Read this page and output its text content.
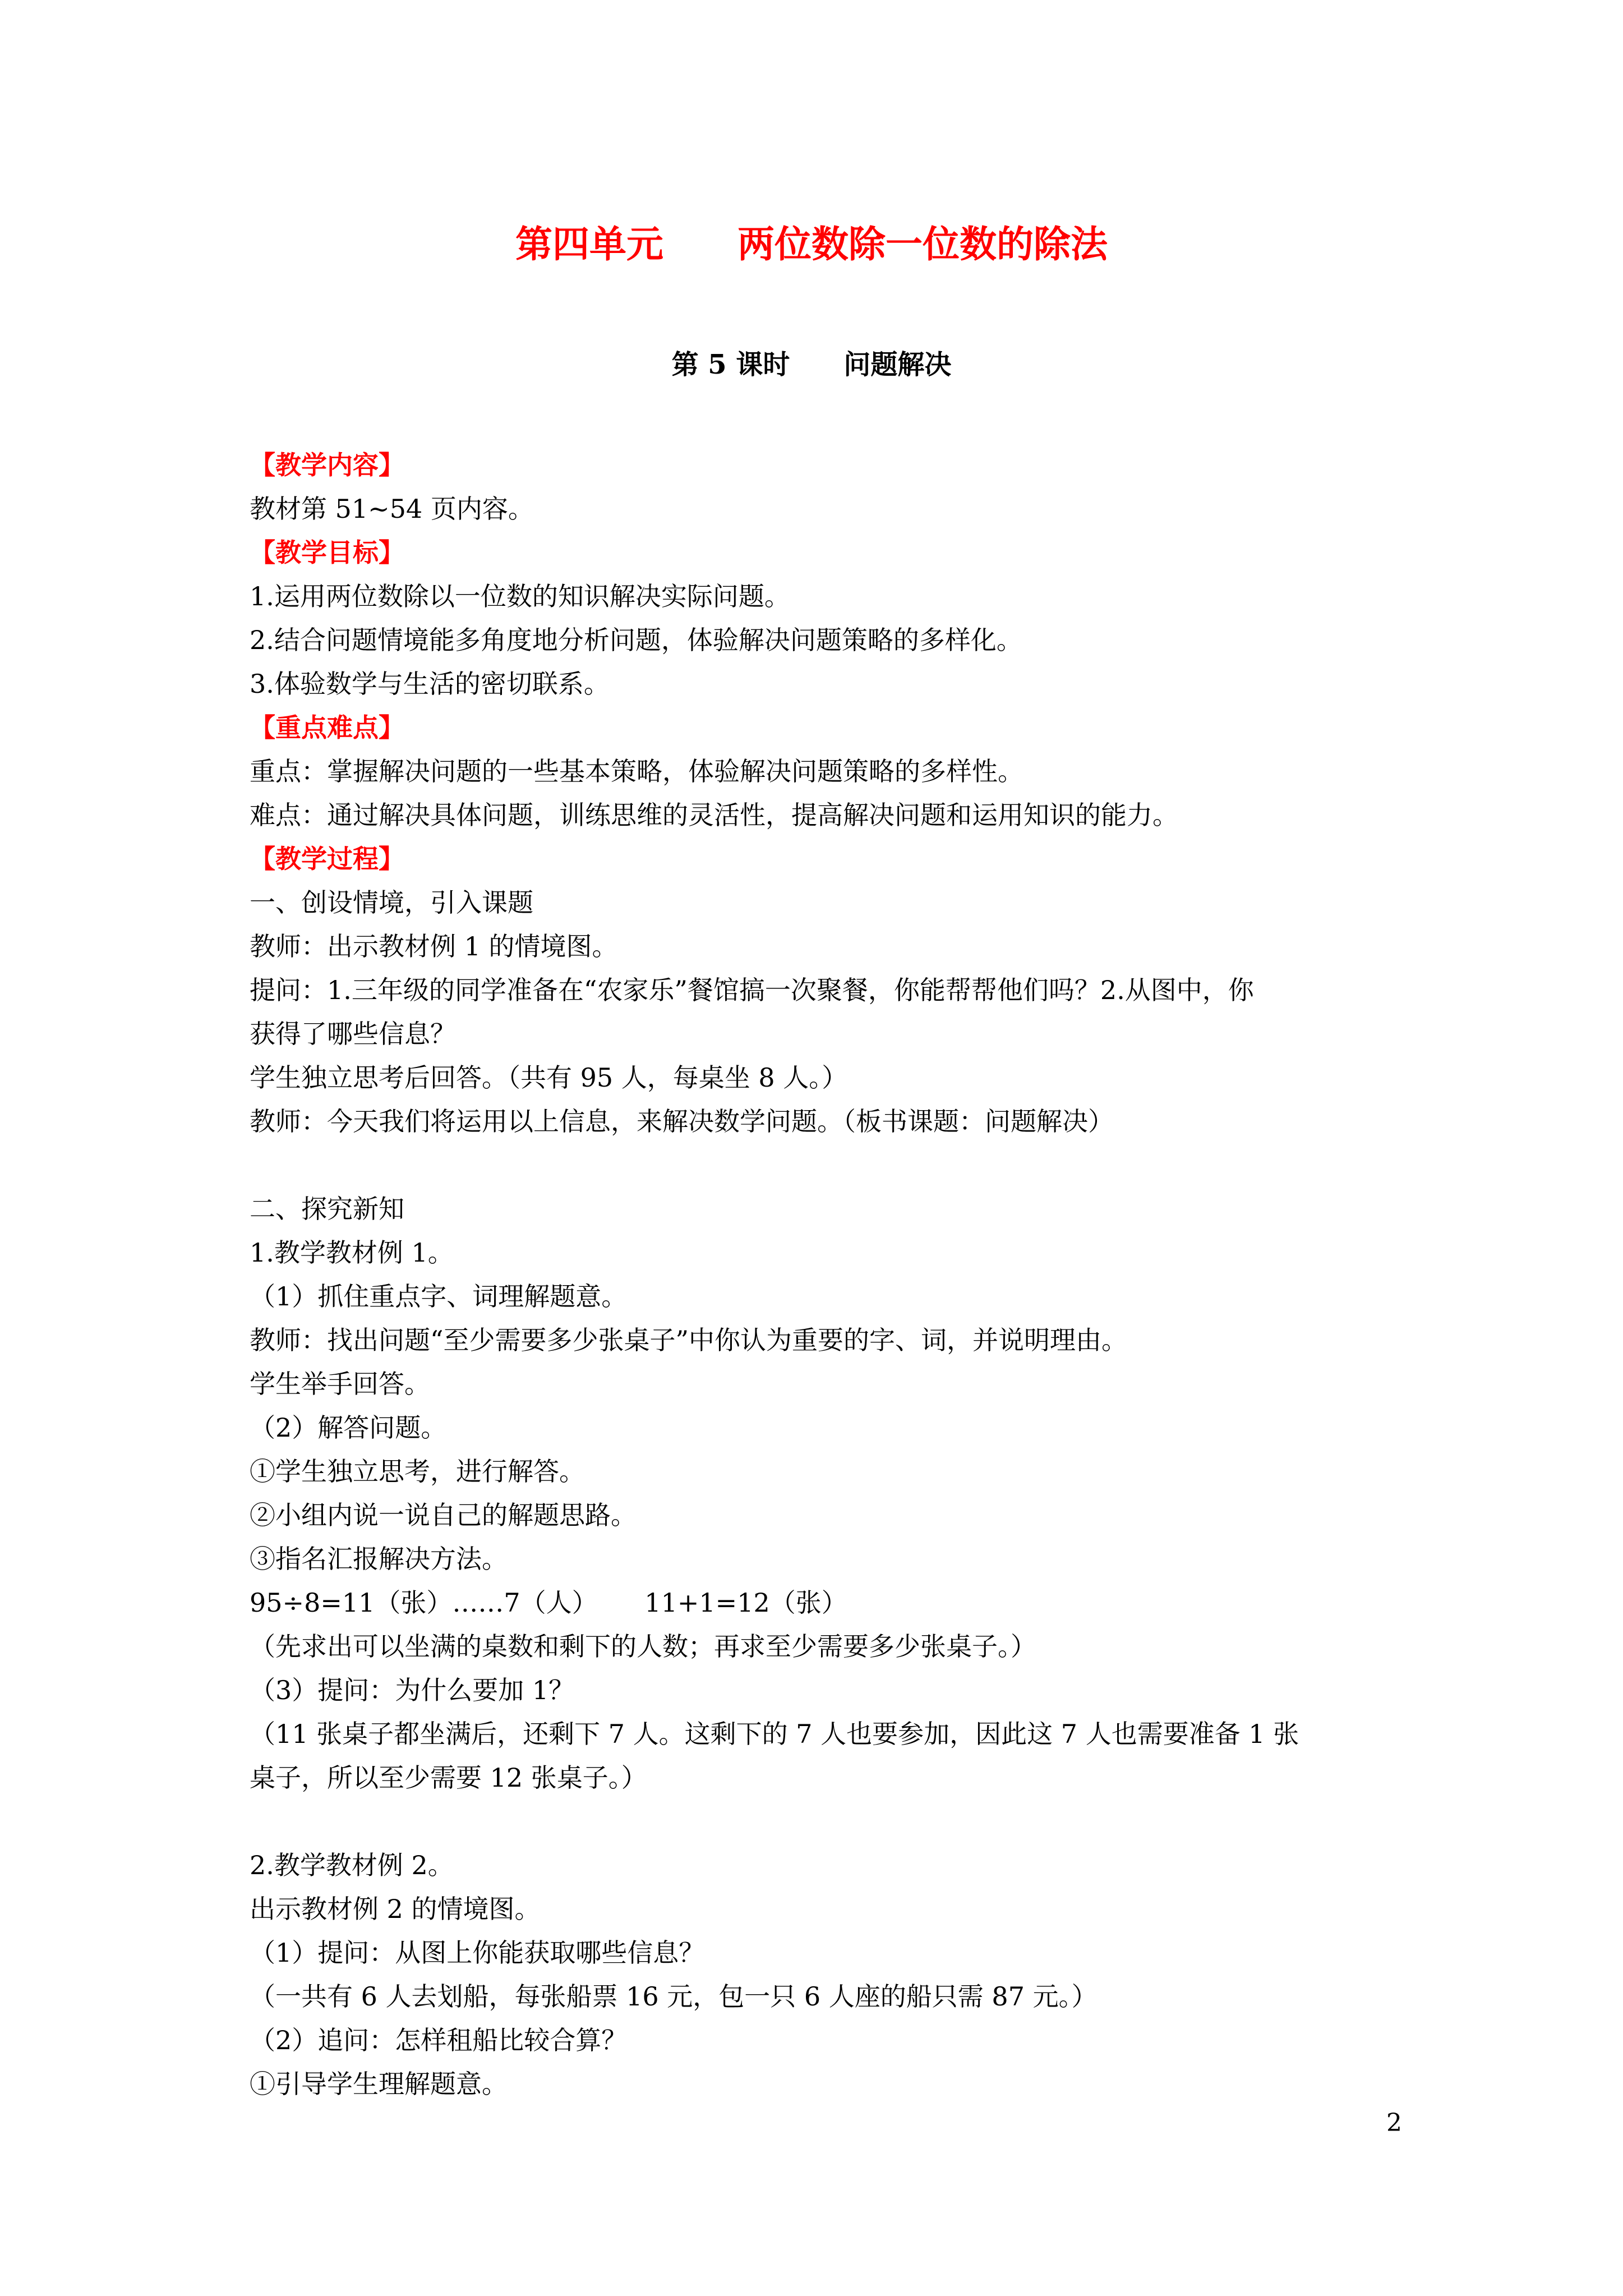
第四单元　　两位数除一位数的除法
第 5 课时　　问题解决
【教学内容】
教材第 51~54 页内容。
【教学目标】
1.运用两位数除以一位数的知识解决实际问题。
2.结合问题情境能多角度地分析问题，体验解决问题策略的多样化。
3.体验数学与生活的密切联系。
【重点难点】
重点：掌握解决问题的一些基本策略，体验解决问题策略的多样性。
难点：通过解决具体问题，训练思维的灵活性，提高解决问题和运用知识的能力。
【教学过程】
一、创设情境，引入课题
教师：出示教材例 1 的情境图。
提问：1.三年级的同学准备在“农家乐”餐馆搞一次聚餐，你能帮帮他们吗？2.从图中，你
获得了哪些信息？
学生独立思考后回答。（共有 95 人，每桌坐 8 人。）
教师：今天我们将运用以上信息，来解决数学问题。（板书课题：问题解决）
二、探究新知
1.教学教材例 1。
（1）抓住重点字、词理解题意。
教师：找出问题“至少需要多少张桌子”中你认为重要的字、词，并说明理由。
学生举手回答。
（2）解答问题。
①学生独立思考，进行解答。
②小组内说一说自己的解题思路。
③指名汇报解决方法。
95÷8=11（张）……7（人）　　 11+1=12（张）
（先求出可以坐满的桌数和剩下的人数；再求至少需要多少张桌子。）
（3）提问：为什么要加 1？
（11 张桌子都坐满后，还剩下 7 人。这剩下的 7 人也要参加，因此这 7 人也需要准备 1 张
桌子，所以至少需要 12 张桌子。）
2.教学教材例 2。
出示教材例 2 的情境图。
（1）提问：从图上你能获取哪些信息？
（一共有 6 人去划船，每张船票 16 元，包一只 6 人座的船只需 87 元。）
（2）追问：怎样租船比较合算？
①引导学生理解题意。
2
